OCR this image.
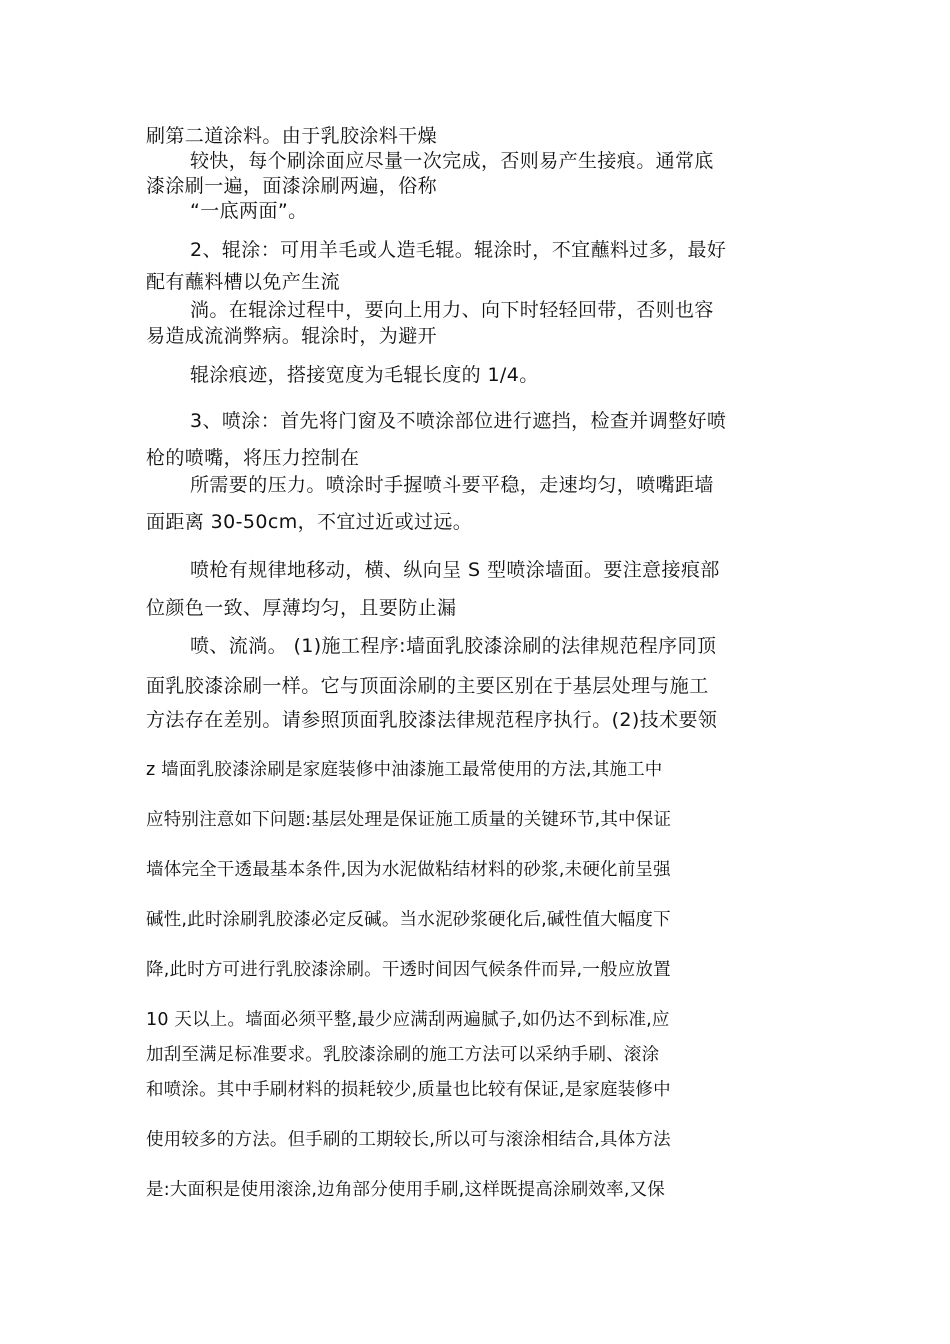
刷第二道涂料。由于乳胶涂料干燥
较快，每个刷涂面应尽量一次完成，否则易产生接痕。通常底
漆涂刷一遍，面漆涂刷两遍，俗称
“一底两面”。
2、辊涂：可用羊毛或人造毛辊。辊涂时，不宜蘸料过多，最好
配有蘸料槽以免产生流
淌。在辊涂过程中，要向上用力、向下时轻轻回带，否则也容
易造成流淌弊病。辊涂时，为避开
辊涂痕迹，搭接宽度为毛辊长度的 1/4。
3、喷涂：首先将门窗及不喷涂部位进行遮挡，检查并调整好喷
枪的喷嘴，将压力控制在
所需要的压力。喷涂时手握喷斗要平稳，走速均匀，喷嘴距墙
面距离 30-50cm，不宜过近或过远。
喷枪有规律地移动，横、纵向呈 S 型喷涂墙面。要注意接痕部
位颜色一致、厚薄均匀，且要防止漏
喷、流淌。 (1)施工程序:墙面乳胶漆涂刷的法律规范程序同顶
面乳胶漆涂刷一样。它与顶面涂刷的主要区别在于基层处理与施工
方法存在差别。请参照顶面乳胶漆法律规范程序执行。(2)技术要领
z 墙面乳胶漆涂刷是家庭装修中油漆施工最常使用的方法,其施工中
应特别注意如下问题:基层处理是保证施工质量的关键环节,其中保证
墙体完全干透最基本条件,因为水泥做粘结材料的砂浆,未硬化前呈强
碱性,此时涂刷乳胶漆必定反碱。当水泥砂浆硬化后,碱性值大幅度下
降,此时方可进行乳胶漆涂刷。干透时间因气候条件而异,一般应放置
10 天以上。墙面必须平整,最少应满刮两遍腻子,如仍达不到标准,应
加刮至满足标准要求。乳胶漆涂刷的施工方法可以采纳手刷、滚涂
和喷涂。其中手刷材料的损耗较少,质量也比较有保证,是家庭装修中
使用较多的方法。但手刷的工期较长,所以可与滚涂相结合,具体方法
是:大面积是使用滚涂,边角部分使用手刷,这样既提高涂刷效率,又保
